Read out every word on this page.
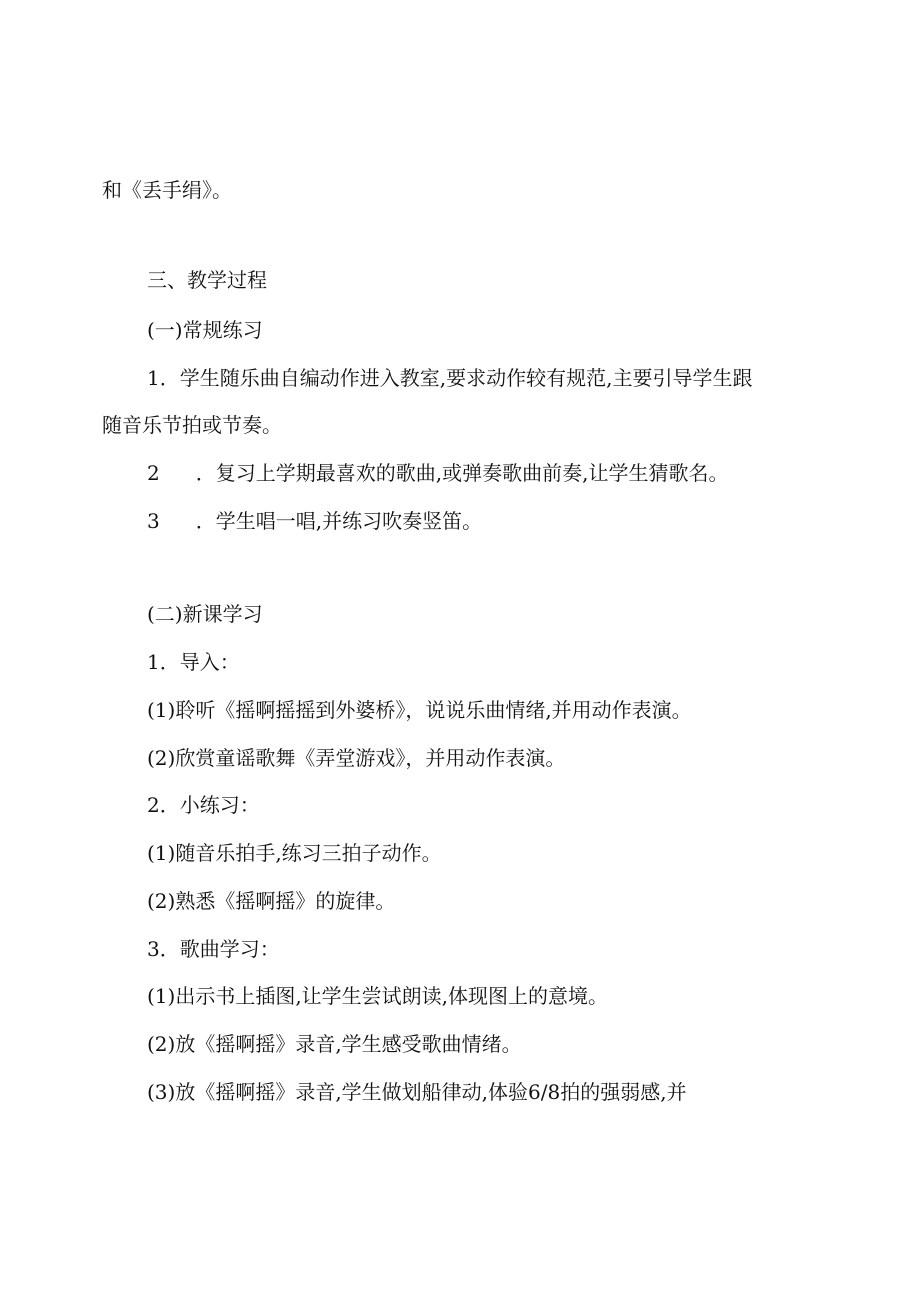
和《丢手绢》。
三、教学过程
(一)常规练习
1．学生随乐曲自编动作进入教室,要求动作较有规范,主要引导学生跟
随音乐节拍或节奏。
2 ．复习上学期最喜欢的歌曲,或弹奏歌曲前奏,让学生猜歌名。
3 ．学生唱一唱,并练习吹奏竖笛。
(二)新课学习
1．导入：
(1)聆听《摇啊摇摇到外婆桥》，说说乐曲情绪,并用动作表演。
(2)欣赏童谣歌舞《弄堂游戏》，并用动作表演。
2．小练习：
(1)随音乐拍手,练习三拍子动作。
(2)熟悉《摇啊摇》的旋律。
3．歌曲学习：
(1)出示书上插图,让学生尝试朗读,体现图上的意境。
(2)放《摇啊摇》录音,学生感受歌曲情绪。
(3)放《摇啊摇》录音,学生做划船律动,体验6/8拍的强弱感,并
